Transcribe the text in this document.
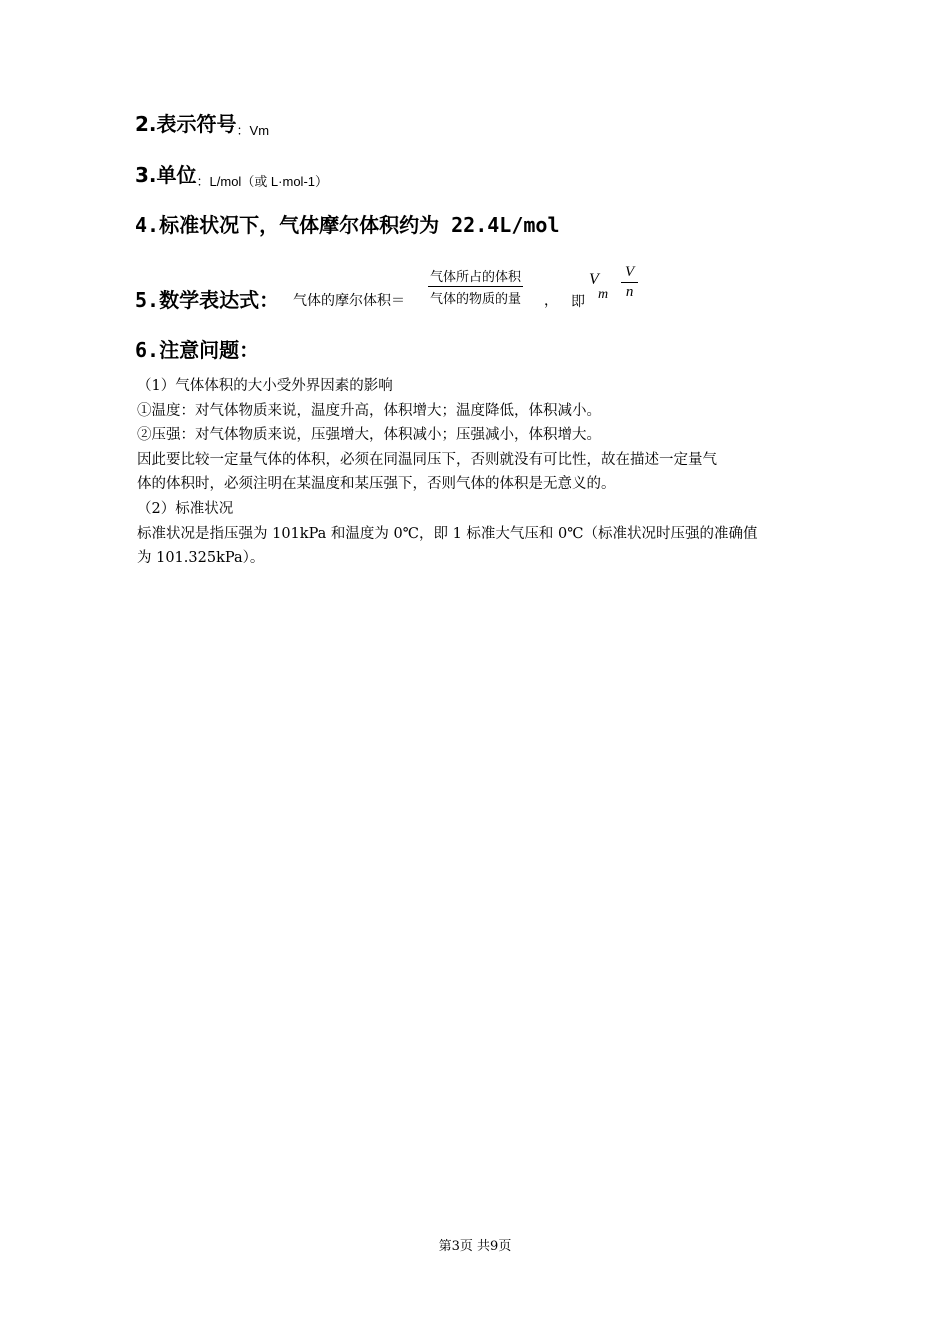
2.表示符号$_{:Vm}$
3.单位$_{:L/mol(或 L\cdot mol-1)}$
4.标准状况下，气体摩尔体积约为 22.4L/mol
5.数学表达式： 气体的摩尔体积＝
气体所占的体积
气体的物质的量 ， 即
V
m $\frac{V}{n}$
6.注意问题：
（1）气体体积的大小受外界因素的影响
①温度：对气体物质来说，温度升高，体积增大；温度降低，体积减小。
②压强：对气体物质来说，压强增大，体积减小；压强减小，体积增大。
因此要比较一定量气体的体积，必须在同温同压下，否则就没有可比性，故在描述一定量气
体的体积时，必须注明在某温度和某压强下，否则气体的体积是无意义的。
（2）标准状况
标准状况是指压强为 101kPa 和温度为 0℃，即 1 标准大气压和 0℃（标准状况时压强的准确值
为 101.325kPa）。
第3页 共9页
